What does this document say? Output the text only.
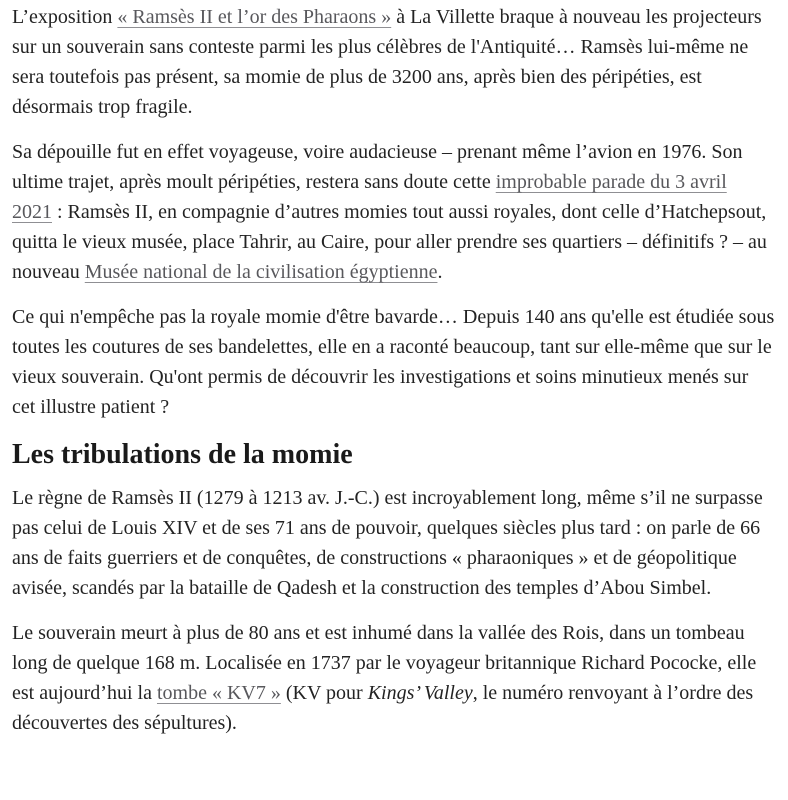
L’exposition « Ramsès II et l’or des Pharaons » à La Villette braque à nouveau les projecteurs sur un souverain sans conteste parmi les plus célèbres de l'Antiquité… Ramsès lui-même ne sera toutefois pas présent, sa momie de plus de 3200 ans, après bien des péripéties, est désormais trop fragile.

Sa dépouille fut en effet voyageuse, voire audacieuse – prenant même l’avion en 1976. Son ultime trajet, après moult péripéties, restera sans doute cette improbable parade du 3 avril 2021 : Ramsès II, en compagnie d’autres momies tout aussi royales, dont celle d’Hatchepsout, quitta le vieux musée, place Tahrir, au Caire, pour aller prendre ses quartiers – définitifs ? – au nouveau Musée national de la civilisation égyptienne.

Ce qui n'empêche pas la royale momie d'être bavarde… Depuis 140 ans qu'elle est étudiée sous toutes les coutures de ses bandelettes, elle en a raconté beaucoup, tant sur elle-même que sur le vieux souverain. Qu'ont permis de découvrir les investigations et soins minutieux menés sur cet illustre patient ?

Les tribulations de la momie

Le règne de Ramsès II (1279 à 1213 av. J.-C.) est incroyablement long, même s’il ne surpasse pas celui de Louis XIV et de ses 71 ans de pouvoir, quelques siècles plus tard : on parle de 66 ans de faits guerriers et de conquêtes, de constructions « pharaoniques » et de géopolitique avisée, scandés par la bataille de Qadesh et la construction des temples d’Abou Simbel.

Le souverain meurt à plus de 80 ans et est inhumé dans la vallée des Rois, dans un tombeau long de quelque 168 m. Localisée en 1737 par le voyageur britannique Richard Pococke, elle est aujourd’hui la tombe « KV7 » (KV pour Kings’ Valley, le numéro renvoyant à l’ordre des découvertes des sépultures).
